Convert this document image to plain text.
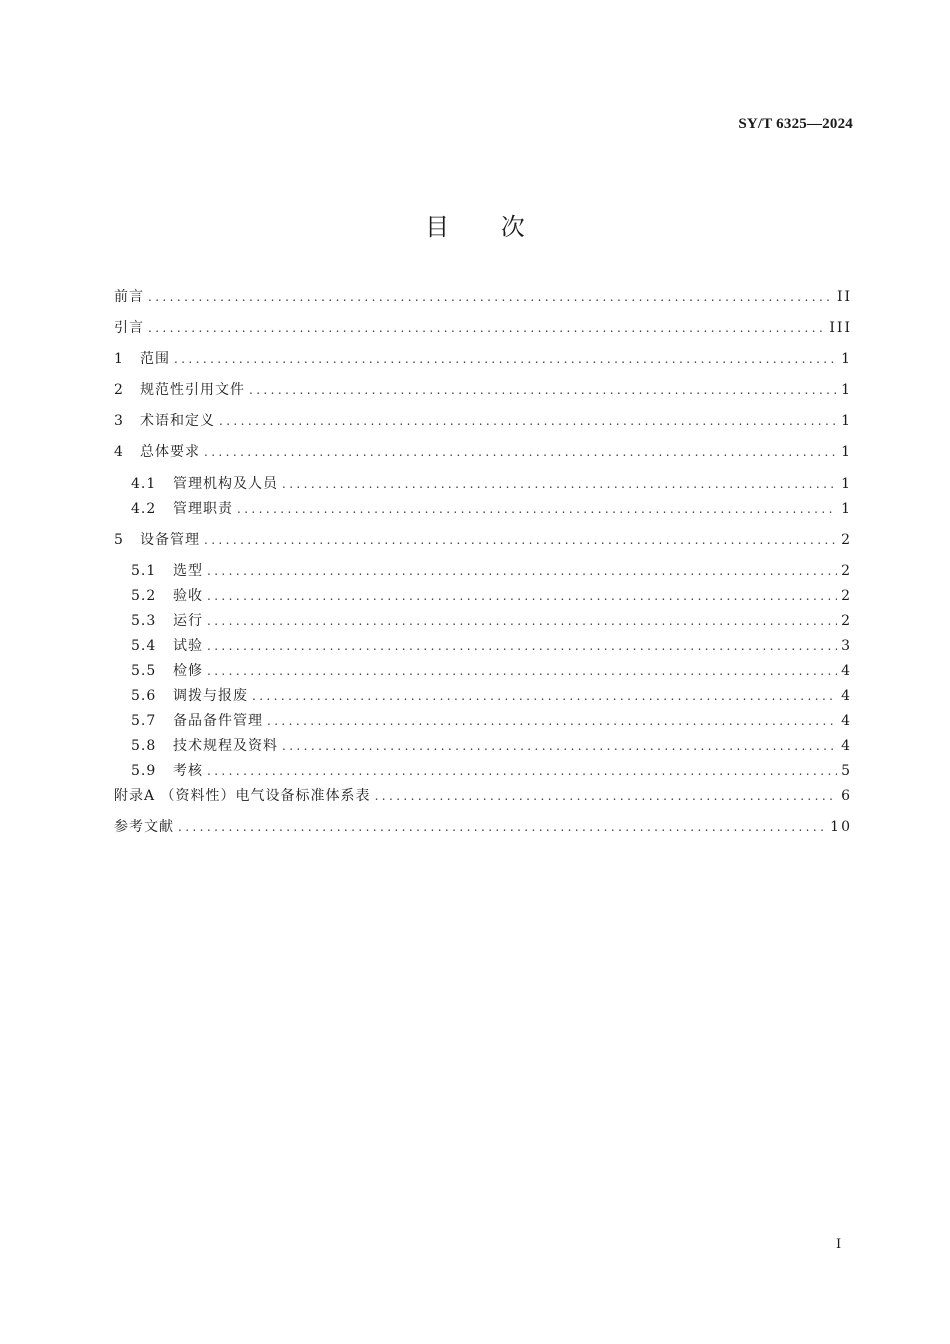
SY/T 6325—2024
目 次
前言 .....	II
引言 .....	III
1	范围 .....	1
2	规范性引用文件 .....	1
3	术语和定义 .....	1
4	总体要求 .....	1
4.1	管理机构及人员 .....	1
4.2	管理职责 .....	1
5	设备管理 .....	2
5.1	选型 .....	2
5.2	验收 .....	2
5.3	运行 .....	2
5.4	试验 .....	3
5.5	检修 .....	4
5.6	调拨与报废 .....	4
5.7	备品备件管理 .....	4
5.8	技术规程及资料 .....	4
5.9	考核 .....	5
附录A （资料性）电气设备标准体系表 .....	6
参考文献 .....	10
I
